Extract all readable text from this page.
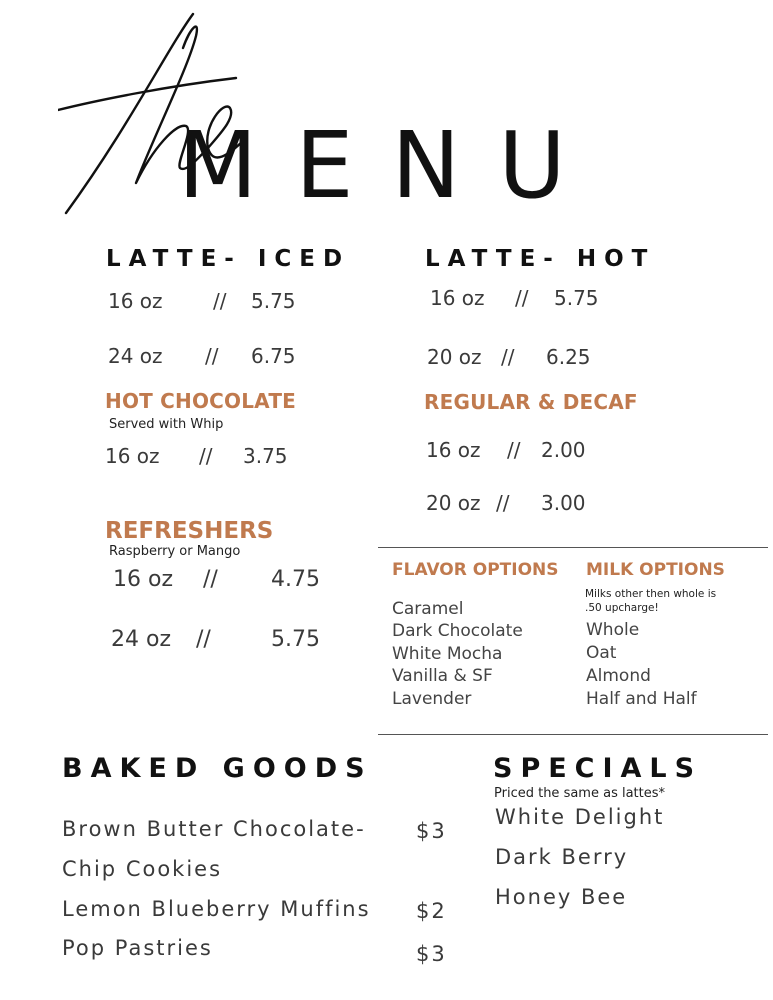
MENU
LATTE- ICED
16 oz	// 5.75
24 oz // 6.75
LATTE- HOT
16 oz // 5.75
20 oz // 6.25
HOT CHOCOLATE
Served with Whip
16 oz // 3.75
REGULAR & DECAF
16 oz // 2.00
20 oz // 3.00
REFRESHERS
Raspberry or Mango
16 oz // 4.75
24 oz //	5.75
FLAVOR OPTIONS
Caramel
Dark Chocolate
White Mocha
Vanilla & SF
Lavender
MILK OPTIONS
Milks other then whole is
.50 upcharge!
Whole
Oat
Almond
Half and Half
BAKED GOODS
Brown Butter Chocolate-
Chip Cookies
$3
Lemon Blueberry Muffins $2
Pop Pastries	$3
SPECIALS
Priced the same as lattes*
White Delight
Dark Berry
Honey Bee
